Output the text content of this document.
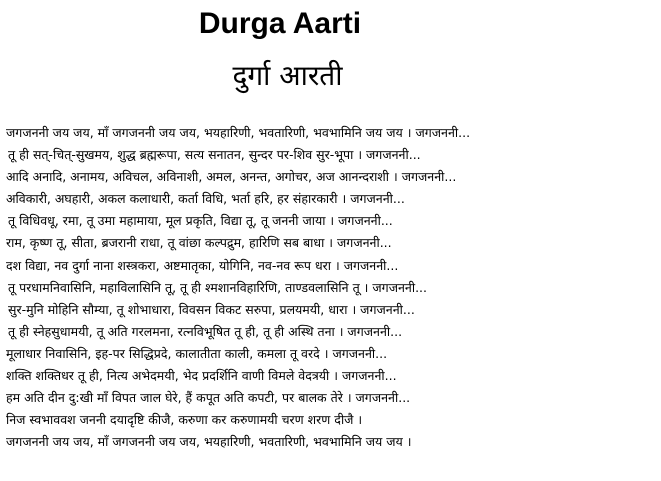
Durga Aarti
दुर्गा आरती
जगजननी जय जय, माँ जगजननी जय जय, भयहारिणी, भवतारिणी, भवभामिनि जय जय । जगजननी...
तू ही सत्-चित्-सुखमय, शुद्ध ब्रह्मरूपा, सत्य सनातन, सुन्दर पर-शिव सुर-भूपा । जगजननी...
आदि अनादि, अनामय, अविचल, अविनाशी, अमल, अनन्त, अगोचर, अज आनन्दराशी । जगजननी...
अविकारी, अघहारी, अकल कलाधारी, कर्ता विधि, भर्ता हरि, हर संहारकारी । जगजननी...
तू विधिवधू, रमा, तू उमा महामाया, मूल प्रकृति, विद्या तू, तू जननी जाया । जगजननी...
राम, कृष्ण तू, सीता, ब्रजरानी राधा, तू वांछा कल्पद्रुम, हारिणि सब बाधा । जगजननी...
दश विद्या, नव दुर्गा नाना शस्त्रकरा, अष्टमातृका, योगिनि, नव-नव रूप धरा । जगजननी...
तू परधामनिवासिनि, महाविलासिनि तू, तू ही श्मशानविहारिणि, ताण्डवलासिनि तू । जगजननी...
सुर-मुनि मोहिनि सौम्या, तू शोभाधारा, विवसन विकट सरुपा, प्रलयमयी, धारा । जगजननी...
तू ही स्नेहसुधामयी, तू अति गरलमना, रत्नविभूषित तू ही, तू ही अस्थि तना । जगजननी...
मूलाधार निवासिनि, इह-पर सिद्धिप्रदे, कालातीता काली, कमला तू वरदे । जगजननी...
शक्ति शक्तिधर तू ही, नित्य अभेदमयी, भेद प्रदर्शिनि वाणी विमले वेदत्रयी । जगजननी...
हम अति दीन दु:खी माँ विपत जाल घेरे, हैं कपूत अति कपटी, पर बालक तेरे । जगजननी...
निज स्वभाववश जननी दयादृष्टि कीजै, करुणा कर करुणामयी चरण शरण दीजै ।
जगजननी जय जय, माँ जगजननी जय जय, भयहारिणी, भवतारिणी, भवभामिनि जय जय ।
